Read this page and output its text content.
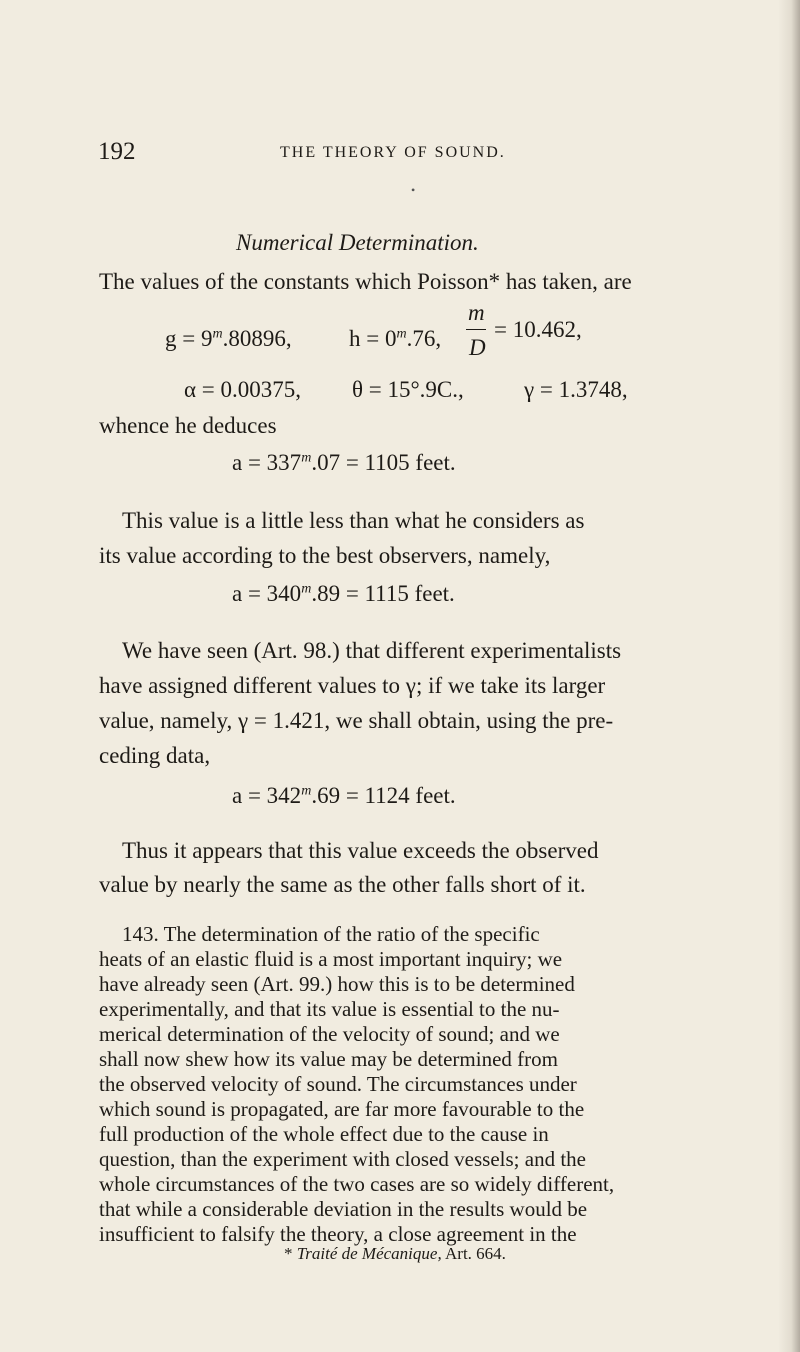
192	THE THEORY OF SOUND.
•
Numerical Determination.
The values of the constants which Poisson* has taken, are
$g = 9^m.80896$, $h = 0^m.76$,
m
D
= 10.462,
α = 0.00375, θ = 15°.9C.,	γ = 1.3748,
whence he deduces
$a = 337^m.07 = 1105$ feet.
This value is a little less than what he considers as
its value according to the best observers, namely,
$a = 340^m.89 = 1115$ feet.
We have seen (Art. 98.) that different experimentalists
have assigned different values to γ; if we take its larger
value, namely, γ = 1.421, we shall obtain, using the pre-
ceding data,
$a = 342^m.69 = 1124$ feet.
Thus it appears that this value exceeds the observed
value by nearly the same as the other falls short of it.
143. The determination of the ratio of the specific
heats of an elastic fluid is a most important inquiry; we
have already seen (Art. 99.) how this is to be determined
experimentally, and that its value is essential to the nu-
merical determination of the velocity of sound; and we
shall now shew how its value may be determined from
the observed velocity of sound. The circumstances under
which sound is propagated, are far more favourable to the
full production of the whole effect due to the cause in
question, than the experiment with closed vessels; and the
whole circumstances of the two cases are so widely different,
that while a considerable deviation in the results would be
insufficient to falsify the theory, a close agreement in the
* Traité de Mécanique, Art. 664.
